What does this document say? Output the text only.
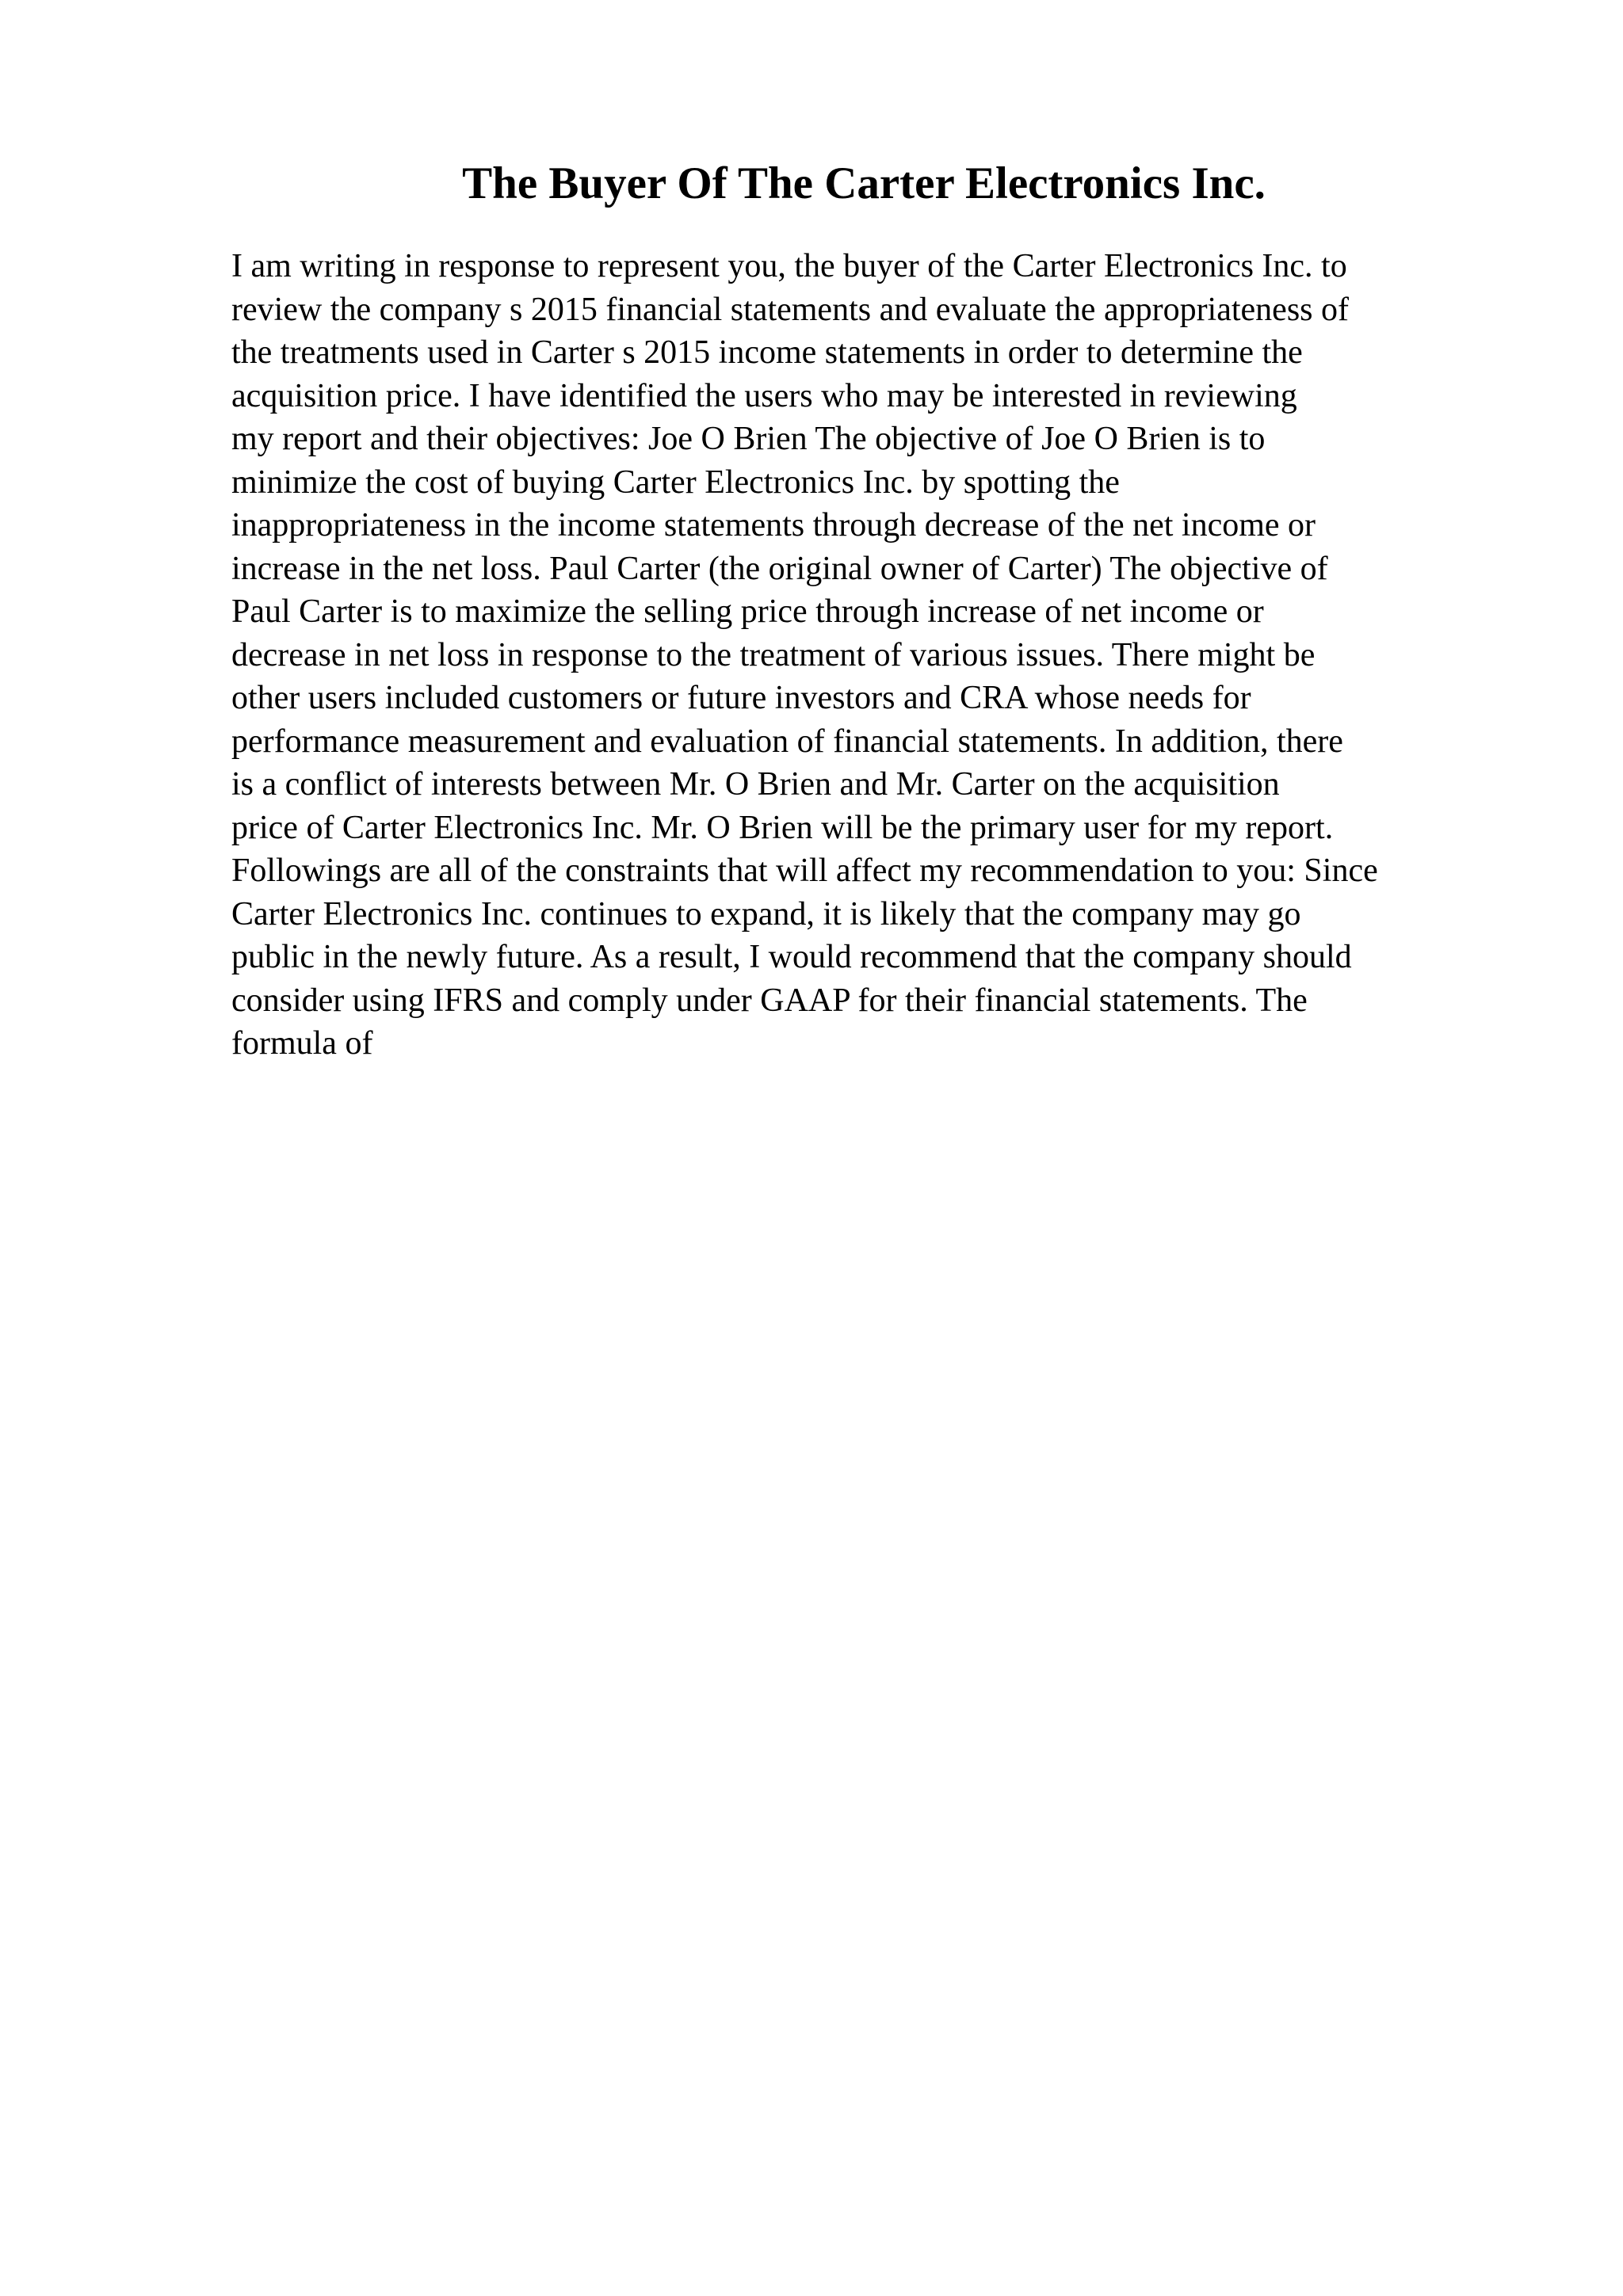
The Buyer Of The Carter Electronics Inc.
I am writing in response to represent you, the buyer of the Carter Electronics Inc. to
review the company s 2015 financial statements and evaluate the appropriateness of
the treatments used in Carter s 2015 income statements in order to determine the
acquisition price. I have identified the users who may be interested in reviewing
my report and their objectives: Joe O Brien The objective of Joe O Brien is to
minimize the cost of buying Carter Electronics Inc. by spotting the
inappropriateness in the income statements through decrease of the net income or
increase in the net loss. Paul Carter (the original owner of Carter) The objective of
Paul Carter is to maximize the selling price through increase of net income or
decrease in net loss in response to the treatment of various issues. There might be
other users included customers or future investors and CRA whose needs for
performance measurement and evaluation of financial statements. In addition, there
is a conflict of interests between Mr. O Brien and Mr. Carter on the acquisition
price of Carter Electronics Inc. Mr. O Brien will be the primary user for my report.
Followings are all of the constraints that will affect my recommendation to you: Since
Carter Electronics Inc. continues to expand, it is likely that the company may go
public in the newly future. As a result, I would recommend that the company should
consider using IFRS and comply under GAAP for their financial statements. The
formula of
